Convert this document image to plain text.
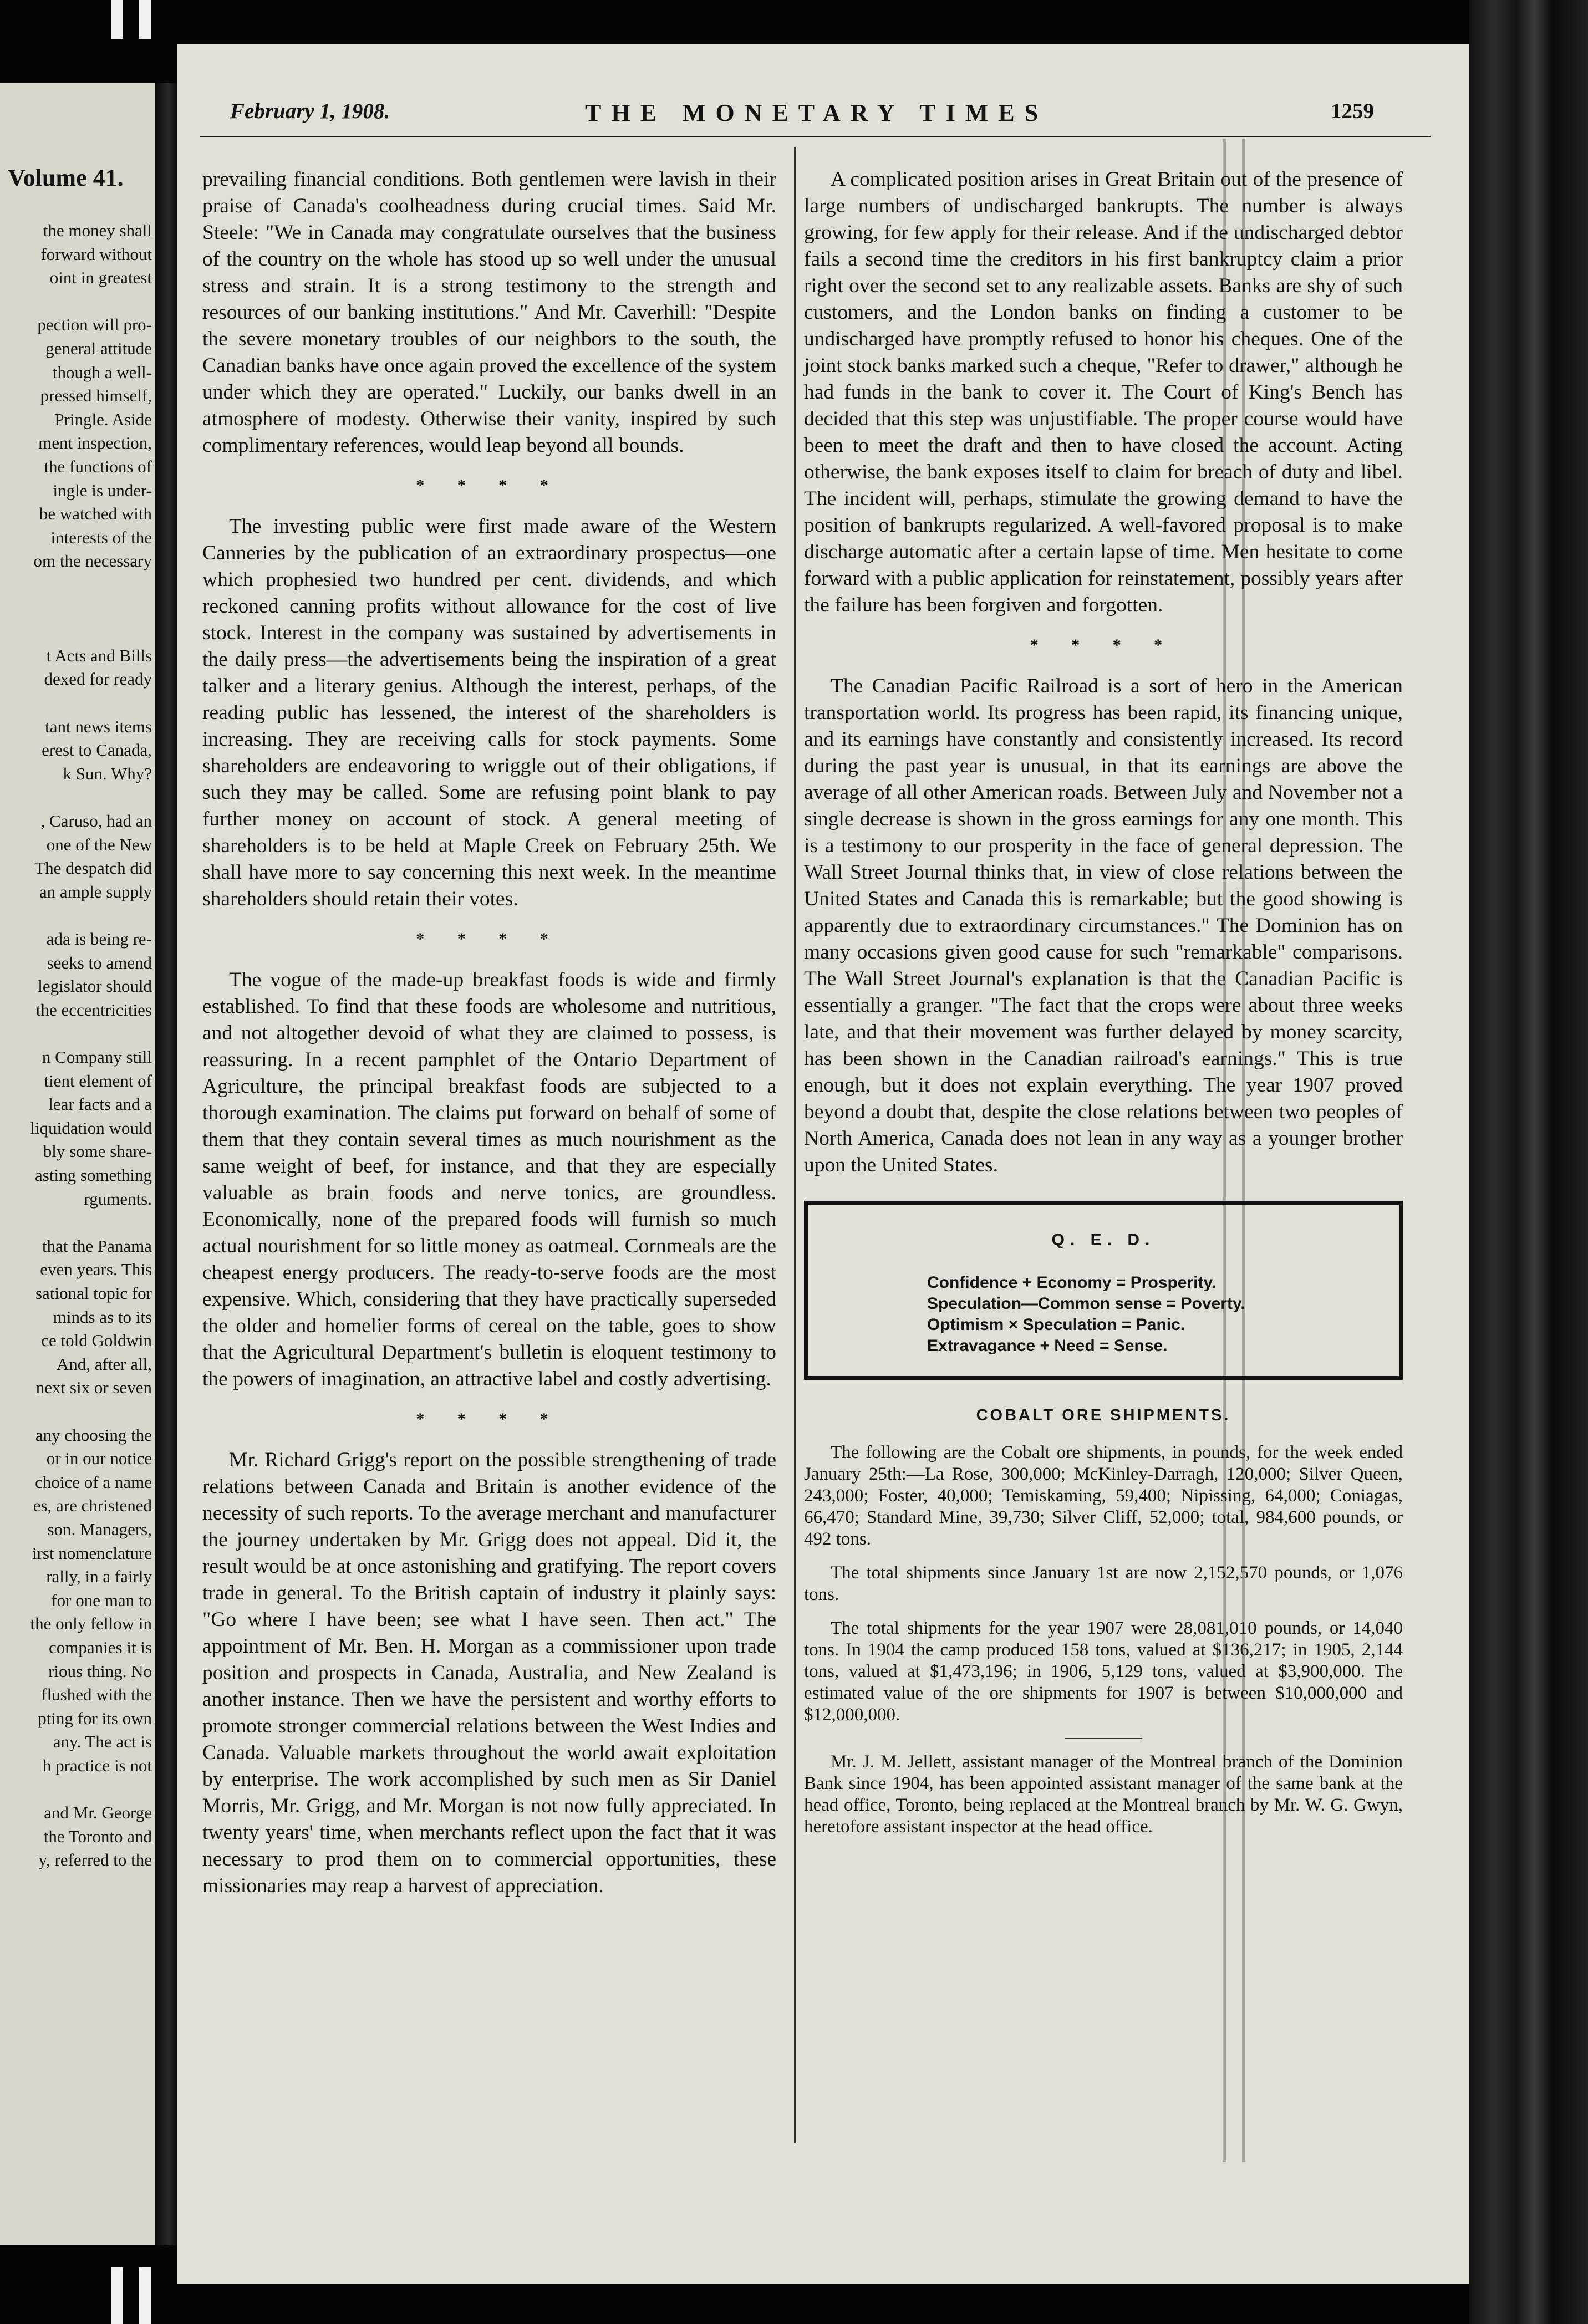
Volume 41.
the money shall
forward without
oint in greatest
pection will pro-
general attitude
though a well-
pressed himself,
Pringle. Aside
ment inspection,
the functions of
ingle is under-
be watched with
interests of the
om the necessary
t Acts and Bills
dexed for ready
tant news items
erest to Canada,
k Sun. Why?
, Caruso, had an
one of the New
The despatch did
an ample supply
ada is being re-
seeks to amend
legislator should
the eccentricities
n Company still
tient element of
lear facts and a
liquidation would
bly some share-
asting something
rguments.
that the Panama
even years. This
sational topic for
minds as to its
ce told Goldwin
And, after all,
next six or seven
any choosing the
or in our notice
choice of a name
es, are christened
son. Managers,
irst nomenclature
rally, in a fairly
for one man to
the only fellow in
companies it is
rious thing. No
flushed with the
pting for its own
any. The act is
h practice is not
and Mr. George
the Toronto and
y, referred to the
February 1, 1908.	THE MONETARY TIMES	1259

prevailing financial conditions. Both gentlemen were lavish in their praise of Canada's coolheadness during crucial times. Said Mr. Steele: "We in Canada may congratulate ourselves that the business of the country on the whole has stood up so well under the unusual stress and strain. It is a strong testimony to the strength and resources of our banking institutions." And Mr. Caverhill: "Despite the severe monetary troubles of our neighbors to the south, the Canadian banks have once again proved the excellence of the system under which they are operated." Luckily, our banks dwell in an atmosphere of modesty. Otherwise their vanity, inspired by such complimentary references, would leap beyond all bounds.

* * * *

The investing public were first made aware of the Western Canneries by the publication of an extraordinary prospectus—one which prophesied two hundred per cent. dividends, and which reckoned canning profits without allowance for the cost of live stock. Interest in the company was sustained by advertisements in the daily press—the advertisements being the inspiration of a great talker and a literary genius. Although the interest, perhaps, of the reading public has lessened, the interest of the shareholders is increasing. They are receiving calls for stock payments. Some shareholders are endeavoring to wriggle out of their obligations, if such they may be called. Some are refusing point blank to pay further money on account of stock. A general meeting of shareholders is to be held at Maple Creek on February 25th. We shall have more to say concerning this next week. In the meantime shareholders should retain their votes.

* * * *

The vogue of the made-up breakfast foods is wide and firmly established. To find that these foods are wholesome and nutritious, and not altogether devoid of what they are claimed to possess, is reassuring. In a recent pamphlet of the Ontario Department of Agriculture, the principal breakfast foods are subjected to a thorough examination. The claims put forward on behalf of some of them that they contain several times as much nourishment as the same weight of beef, for instance, and that they are especially valuable as brain foods and nerve tonics, are groundless. Economically, none of the prepared foods will furnish so much actual nourishment for so little money as oatmeal. Cornmeals are the cheapest energy producers. The ready-to-serve foods are the most expensive. Which, considering that they have practically superseded the older and homelier forms of cereal on the table, goes to show that the Agricultural Department's bulletin is eloquent testimony to the powers of imagination, an attractive label and costly advertising.

* * * *

Mr. Richard Grigg's report on the possible strengthening of trade relations between Canada and Britain is another evidence of the necessity of such reports. To the average merchant and manufacturer the journey undertaken by Mr. Grigg does not appeal. Did it, the result would be at once astonishing and gratifying. The report covers trade in general. To the British captain of industry it plainly says: "Go where I have been; see what I have seen. Then act." The appointment of Mr. Ben. H. Morgan as a commissioner upon trade position and prospects in Canada, Australia, and New Zealand is another instance. Then we have the persistent and worthy efforts to promote stronger commercial relations between the West Indies and Canada. Valuable markets throughout the world await exploitation by enterprise. The work accomplished by such men as Sir Daniel Morris, Mr. Grigg, and Mr. Morgan is not now fully appreciated. In twenty years' time, when merchants reflect upon the fact that it was necessary to prod them on to commercial opportunities, these missionaries may reap a harvest of appreciation.

A complicated position arises in Great Britain out of the presence of large numbers of undischarged bankrupts. The number is always growing, for few apply for their release. And if the undischarged debtor fails a second time the creditors in his first bankruptcy claim a prior right over the second set to any realizable assets. Banks are shy of such customers, and the London banks on finding a customer to be undischarged have promptly refused to honor his cheques. One of the joint stock banks marked such a cheque, "Refer to drawer," although he had funds in the bank to cover it. The Court of King's Bench has decided that this step was unjustifiable. The proper course would have been to meet the draft and then to have closed the account. Acting otherwise, the bank exposes itself to claim for breach of duty and libel. The incident will, perhaps, stimulate the growing demand to have the position of bankrupts regularized. A well-favored proposal is to make discharge automatic after a certain lapse of time. Men hesitate to come forward with a public application for reinstatement, possibly years after the failure has been forgiven and forgotten.

* * * *

The Canadian Pacific Railroad is a sort of hero in the American transportation world. Its progress has been rapid, its financing unique, and its earnings have constantly and consistently increased. Its record during the past year is unusual, in that its earnings are above the average of all other American roads. Between July and November not a single decrease is shown in the gross earnings for any one month. This is a testimony to our prosperity in the face of general depression. The Wall Street Journal thinks that, in view of close relations between the United States and Canada this is remarkable; but the good showing is apparently due to extraordinary circumstances." The Dominion has on many occasions given good cause for such "remarkable" comparisons. The Wall Street Journal's explanation is that the Canadian Pacific is essentially a granger. "The fact that the crops were about three weeks late, and that their movement was further delayed by money scarcity, has been shown in the Canadian railroad's earnings." This is true enough, but it does not explain everything. The year 1907 proved beyond a doubt that, despite the close relations between two peoples of North America, Canada does not lean in any way as a younger brother upon the United States.

Q. E. D.
Confidence + Economy = Prosperity.
Speculation—Common sense = Poverty.
Optimism × Speculation = Panic.
Extravagance + Need = Sense.
COBALT ORE SHIPMENTS.

The following are the Cobalt ore shipments, in pounds, for the week ended January 25th:—La Rose, 300,000; McKinley-Darragh, 120,000; Silver Queen, 243,000; Foster, 40,000; Temiskaming, 59,400; Nipissing, 64,000; Coniagas, 66,470; Standard Mine, 39,730; Silver Cliff, 52,000; total, 984,600 pounds, or 492 tons.

The total shipments since January 1st are now 2,152,570 pounds, or 1,076 tons.

The total shipments for the year 1907 were 28,081,010 pounds, or 14,040 tons. In 1904 the camp produced 158 tons, valued at $136,217; in 1905, 2,144 tons, valued at $1,473,196; in 1906, 5,129 tons, valued at $3,900,000. The estimated value of the ore shipments for 1907 is between $10,000,000 and $12,000,000.

Mr. J. M. Jellett, assistant manager of the Montreal branch of the Dominion Bank since 1904, has been appointed assistant manager of the same bank at the head office, Toronto, being replaced at the Montreal branch by Mr. W. G. Gwyn, heretofore assistant inspector at the head office.
